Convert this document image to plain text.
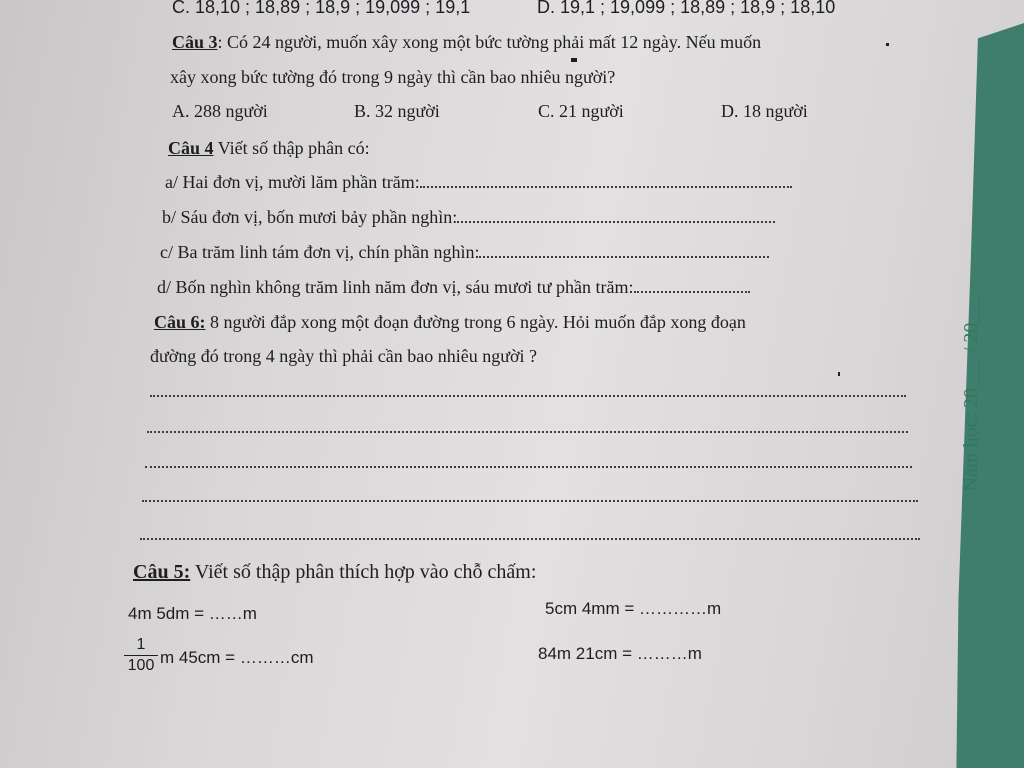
C. 18,10 ; 18,89 ; 18,9 ; 19,099 ; 19,1	D. 19,1 ; 19,099 ; 18,89 ; 18,9 ; 18,10
Câu 3: Có 24 người, muốn xây xong một bức tường phải mất 12 ngày. Nếu muốn
xây xong bức tường đó trong 9 ngày thì cần bao nhiêu người?
A. 288 người	B. 32 người	C. 21 người	D. 18 người
Câu 4 Viết số thập phân có:
a/ Hai đơn vị, mười lăm phần trăm:
b/ Sáu đơn vị, bốn mươi bảy phần nghìn:
c/ Ba trăm linh tám đơn vị, chín phần nghìn:
d/ Bốn nghìn không trăm linh năm đơn vị, sáu mươi tư phần trăm:
Câu 6: 8 người đắp xong một đoạn đường trong 6 ngày. Hỏi muốn đắp xong đoạn
đường đó trong 4 ngày thì phải cần bao nhiêu người ?
Câu 5: Viết số thập phân thích hợp vào chỗ chấm:
4m 5dm = ……m	5cm 4mm = …………m
1
100 m 45cm = ………cm	84m 21cm = ………m
Năm học: 20___ / 20___
